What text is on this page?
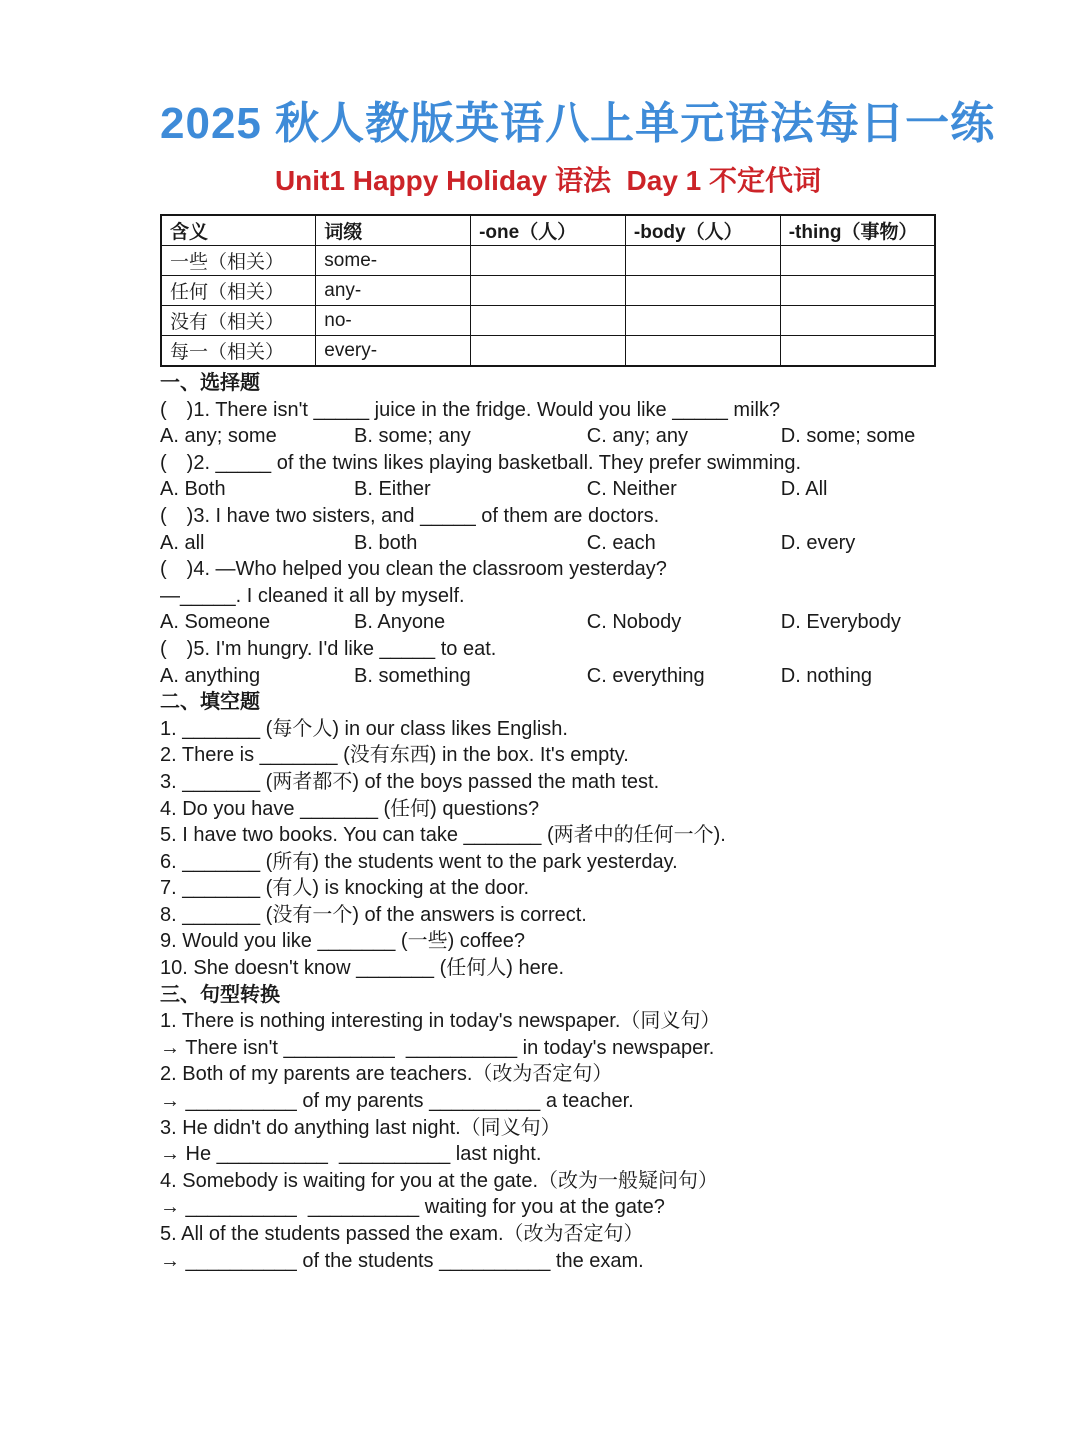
2025 秋人教版英语八上单元语法每日一练
Unit1 Happy Holiday 语法  Day 1 不定代词
含义	词缀	-one（人）	-body（人）	-thing（事物）
一些（相关）	some-			
任何（相关）	any-			
没有（相关）	no-			
每一（相关）	every-			
一、选择题
(　)1. There isn't _____ juice in the fridge. Would you like _____ milk?
A. any; some	B. some; any	C. any; any	D. some; some
(　)2. _____ of the twins likes playing basketball. They prefer swimming.
A. Both	B. Either	C. Neither	D. All
(　)3. I have two sisters, and _____ of them are doctors.
A. all	B. both	C. each	D. every
(　)4. —Who helped you clean the classroom yesterday?
—_____. I cleaned it all by myself.
A. Someone	B. Anyone	C. Nobody	D. Everybody
(　)5. I'm hungry. I'd like _____ to eat.
A. anything	B. something	C. everything	D. nothing
二、填空题
1. _______ (每个人) in our class likes English.
2. There is _______ (没有东西) in the box. It's empty.
3. _______ (两者都不) of the boys passed the math test.
4. Do you have _______ (任何) questions?
5. I have two books. You can take _______ (两者中的任何一个).
6. _______ (所有) the students went to the park yesterday.
7. _______ (有人) is knocking at the door.
8. _______ (没有一个) of the answers is correct.
9. Would you like _______ (一些) coffee?
10. She doesn't know _______ (任何人) here.
三、句型转换
1. There is nothing interesting in today's newspaper.（同义句）
→ There isn't __________  __________ in today's newspaper.
2. Both of my parents are teachers.（改为否定句）
→ __________ of my parents __________ a teacher.
3. He didn't do anything last night.（同义句）
→ He __________  __________ last night.
4. Somebody is waiting for you at the gate.（改为一般疑问句）
→ __________  __________ waiting for you at the gate?
5. All of the students passed the exam.（改为否定句）
→ __________ of the students __________ the exam.
